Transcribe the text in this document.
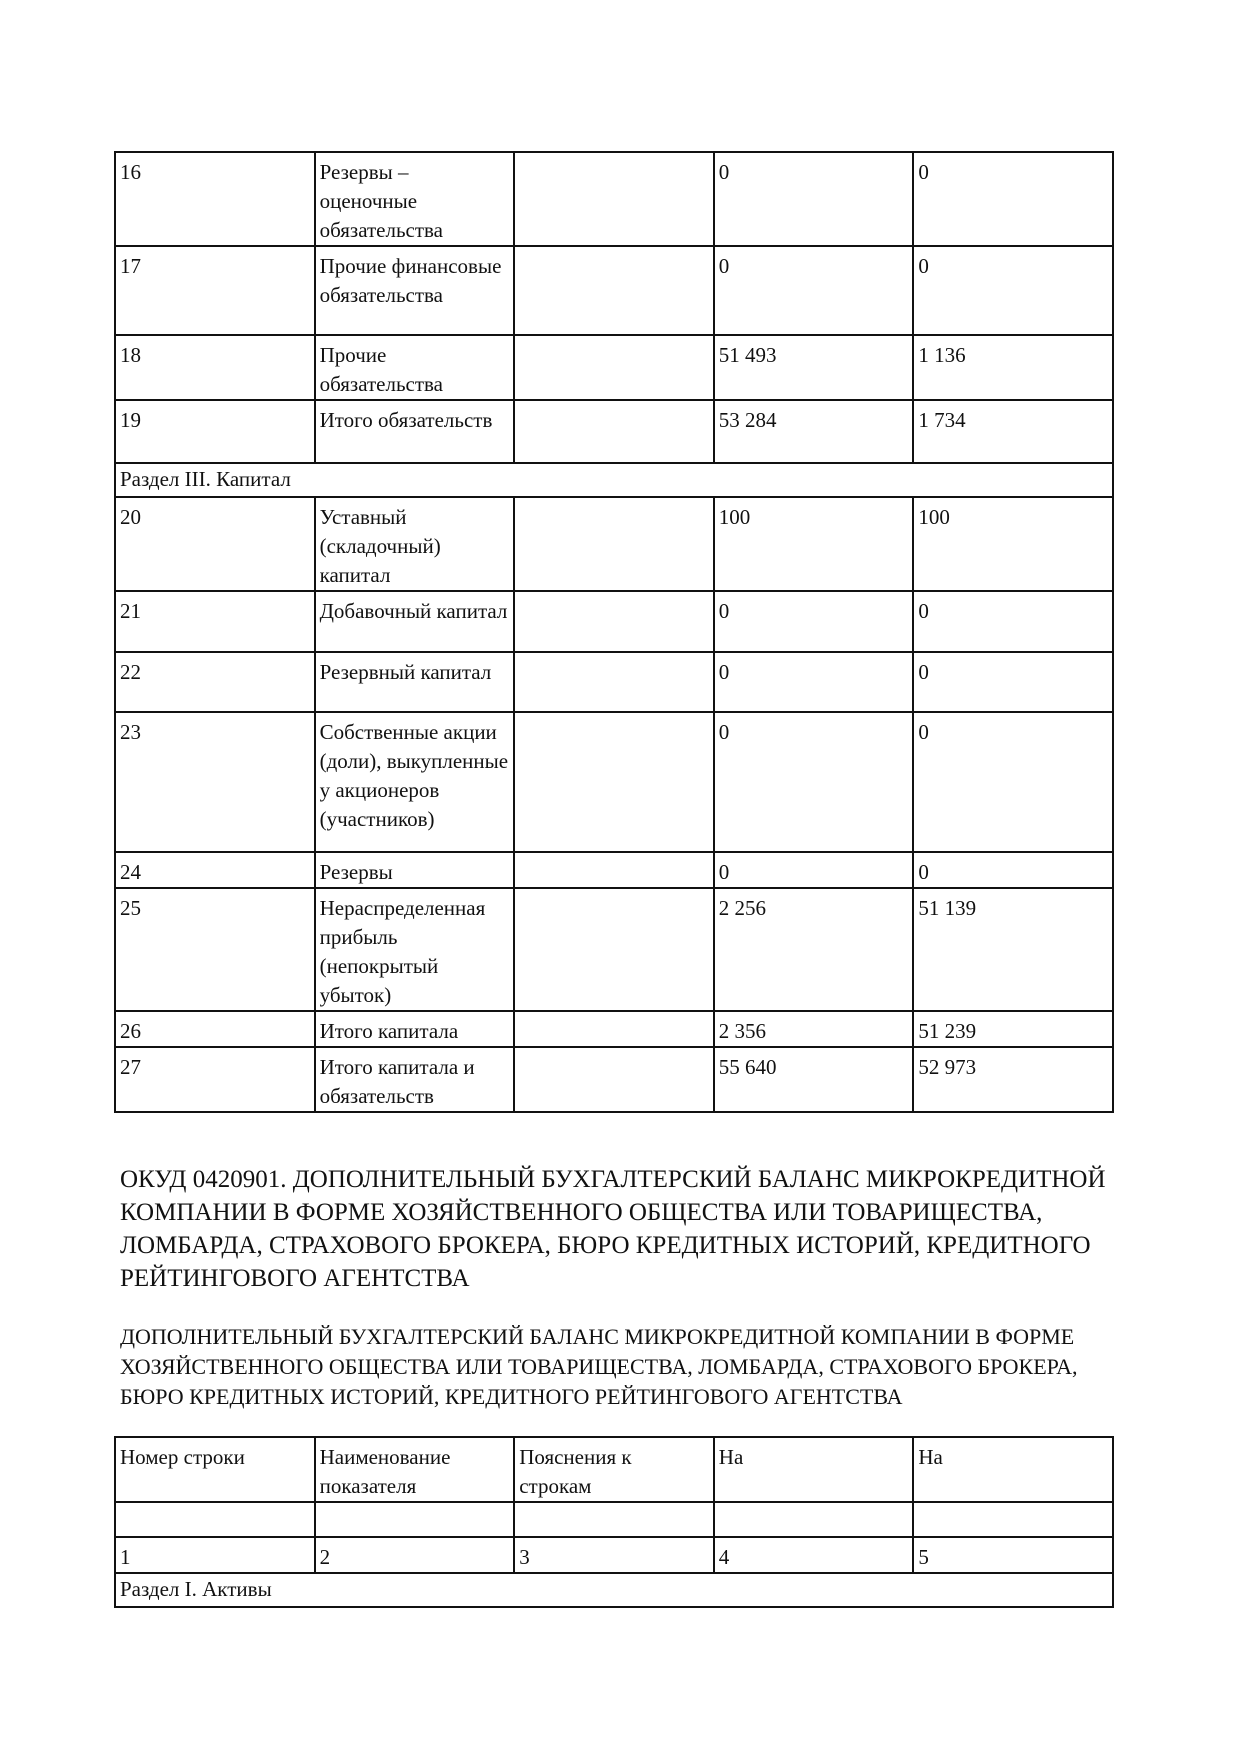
16	Резервы – оценочные обязательства		0	0
17	Прочие финансовые обязательства		0	0
18	Прочие обязательства		51 493	1 136
19	Итого обязательств		53 284	1 734
Раздел III. Капитал				
20	Уставный (складочный) капитал		100	100
21	Добавочный капитал		0	0
22	Резервный капитал		0	0
23	Собственные акции (доли), выкупленные у акционеров (участников)		0	0
24	Резервы		0	0
25	Нераспределенная прибыль (непокрытый убыток)		2 256	51 139
26	Итого капитала		2 356	51 239
27	Итого капитала и обязательств		55 640	52 973
ОКУД 0420901. ДОПОЛНИТЕЛЬНЫЙ БУХГАЛТЕРСКИЙ БАЛАНС МИКРОКРЕДИТНОЙ КОМПАНИИ В ФОРМЕ ХОЗЯЙСТВЕННОГО ОБЩЕСТВА ИЛИ ТОВАРИЩЕСТВА, ЛОМБАРДА, СТРАХОВОГО БРОКЕРА, БЮРО КРЕДИТНЫХ ИСТОРИЙ, КРЕДИТНОГО РЕЙТИНГОВОГО АГЕНТСТВА
ДОПОЛНИТЕЛЬНЫЙ БУХГАЛТЕРСКИЙ БАЛАНС МИКРОКРЕДИТНОЙ КОМПАНИИ В ФОРМЕ ХОЗЯЙСТВЕННОГО ОБЩЕСТВА ИЛИ ТОВАРИЩЕСТВА, ЛОМБАРДА, СТРАХОВОГО БРОКЕРА, БЮРО КРЕДИТНЫХ ИСТОРИЙ, КРЕДИТНОГО РЕЙТИНГОВОГО АГЕНТСТВА
Номер строки	Наименование показателя	Пояснения к строкам	На	На

1	2	3	4	5
Раздел I. Активы				
